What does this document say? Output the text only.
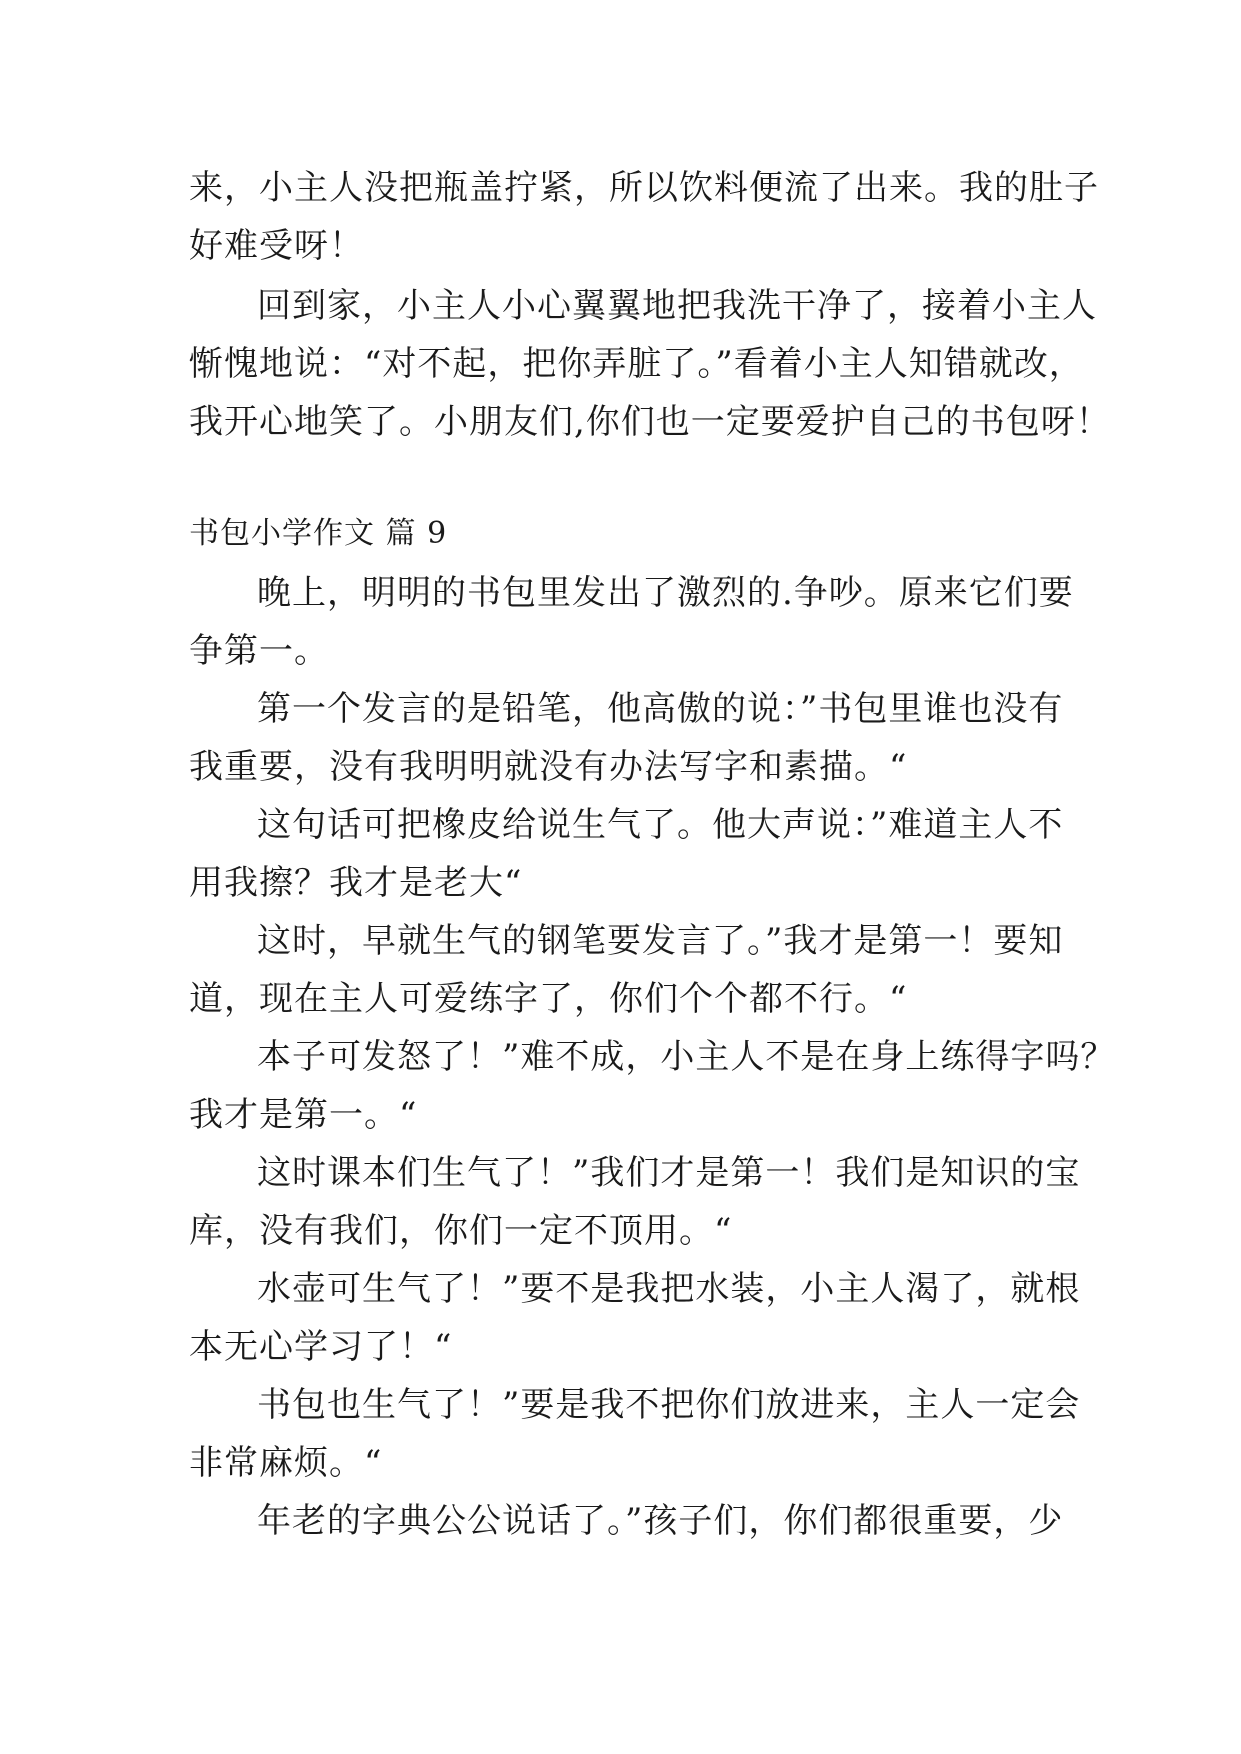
来，小主人没把瓶盖拧紧，所以饮料便流了出来。我的肚子
好难受呀！
回到家，小主人小心翼翼地把我洗干净了，接着小主人
惭愧地说：“对不起，把你弄脏了。”看着小主人知错就改，
我开心地笑了。小朋友们,你们也一定要爱护自己的书包呀！
书包小学作文 篇 9
晚上，明明的书包里发出了激烈的.争吵。原来它们要
争第一。
第一个发言的是铅笔，他高傲的说：”书包里谁也没有
我重要，没有我明明就没有办法写字和素描。“
这句话可把橡皮给说生气了。他大声说：”难道主人不
用我擦？我才是老大“
这时，早就生气的钢笔要发言了。”我才是第一！要知
道，现在主人可爱练字了，你们个个都不行。“
本子可发怒了！”难不成，小主人不是在身上练得字吗？
我才是第一。“
这时课本们生气了！”我们才是第一！我们是知识的宝
库，没有我们，你们一定不顶用。“
水壶可生气了！”要不是我把水装，小主人渴了，就根
本无心学习了！“
书包也生气了！”要是我不把你们放进来，主人一定会
非常麻烦。“
年老的字典公公说话了。”孩子们，你们都很重要，少
